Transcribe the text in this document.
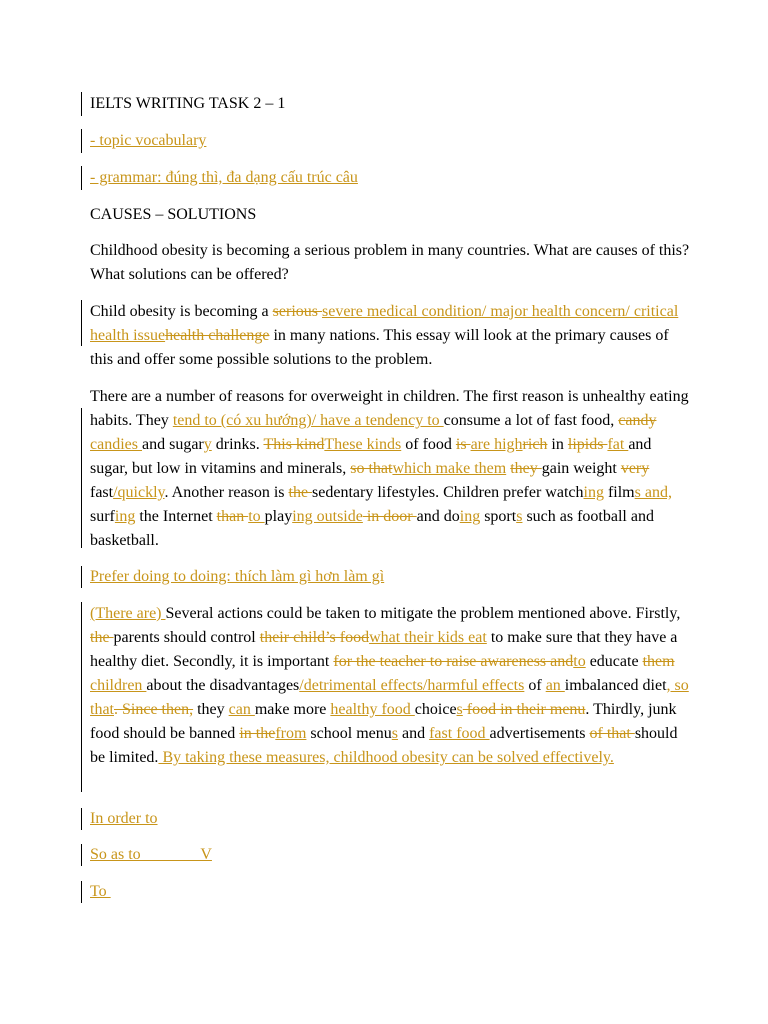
IELTS WRITING TASK 2 – 1

- topic vocabulary

- grammar: đúng thì, đa dạng cấu trúc câu

CAUSES – SOLUTIONS

Childhood obesity is becoming a serious problem in many countries. What are causes of this? What solutions can be offered?

Child obesity is becoming a serious severe medical condition/ major health concern/ critical health issuehealth challenge in many nations. This essay will look at the primary causes of this and offer some possible solutions to the problem.

There are a number of reasons for overweight in children. The first reason is unhealthy eating habits. They tend to (có xu hướng)/ have a tendency to consume a lot of fast food, candy candies and sugary drinks. This kindThese kinds of food is are highrich in lipids fat and sugar, but low in vitamins and minerals, so thatwhich make them they gain weight very fast/quickly. Another reason is the sedentary lifestyles. Children prefer watching films and, surfing the Internet than to playing outside in door and doing sports such as football and basketball.

Prefer doing to doing: thích làm gì hơn làm gì

(There are) Several actions could be taken to mitigate the problem mentioned above. Firstly, the parents should control their child’s foodwhat their kids eat to make sure that they have a healthy diet. Secondly, it is important for the teacher to raise awareness andto educate them children about the disadvantages/detrimental effects/harmful effects of an imbalanced diet, so that. Since then, they can make more healthy food choices food in their menu. Thirdly, junk food should be banned in thefrom school menus and fast food advertisements of that should be limited. By taking these measures, childhood obesity can be solved effectively.

In order to

So as to               V

To
